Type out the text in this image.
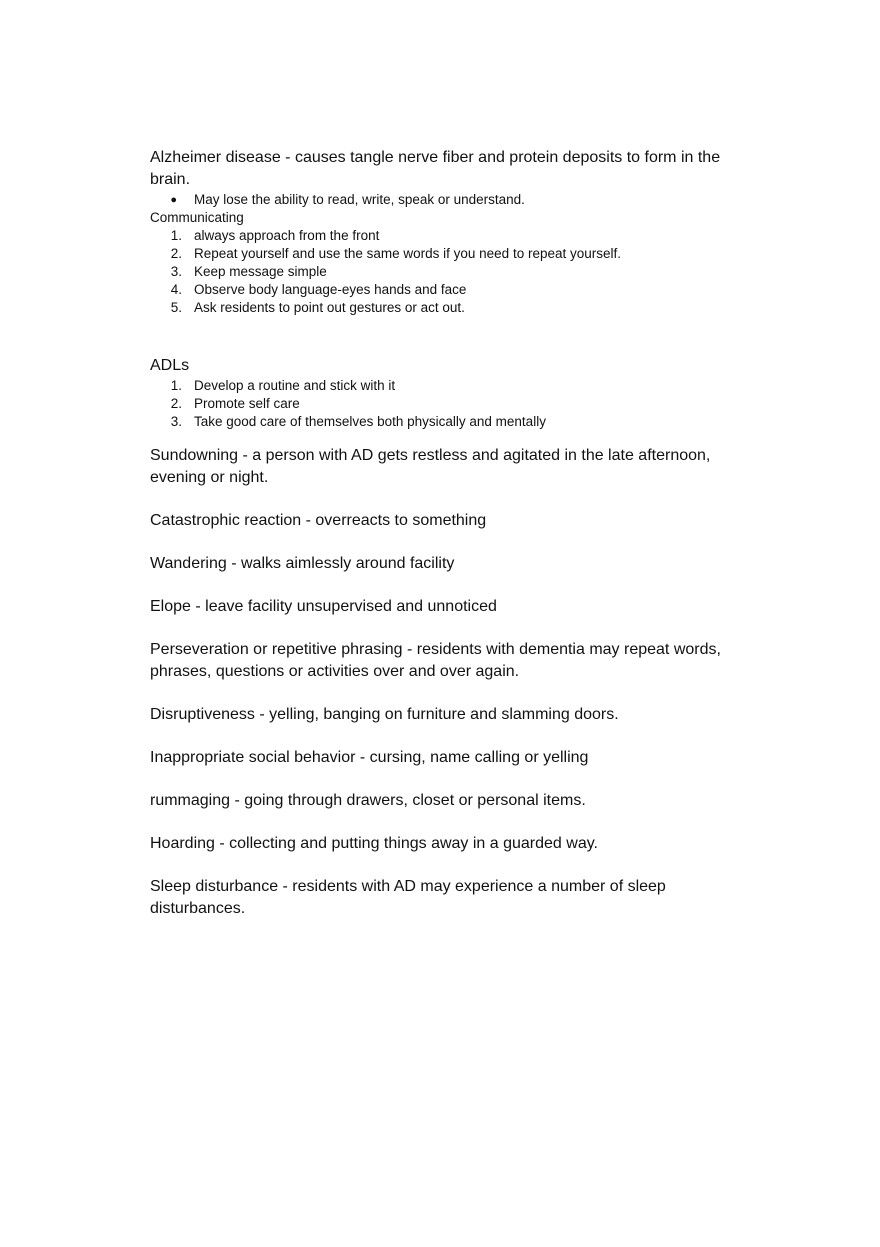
Alzheimer disease - causes tangle nerve fiber and protein deposits to form in the brain.

● May lose the ability to read, write, speak or understand.

Communicating

1. always approach from the front
2. Repeat yourself and use the same words if you need to repeat yourself.
3. Keep message simple
4. Observe body language-eyes hands and face
5. Ask residents to point out gestures or act out.

ADLs

1. Develop a routine and stick with it
2. Promote self care
3. Take good care of themselves both physically and mentally

Sundowning - a person with AD gets restless and agitated in the late afternoon, evening or night.

Catastrophic reaction - overreacts to something

Wandering - walks aimlessly around facility

Elope - leave facility unsupervised and unnoticed

Perseveration or repetitive phrasing - residents with dementia may repeat words, phrases, questions or activities over and over again.

Disruptiveness - yelling, banging on furniture and slamming doors.

Inappropriate social behavior - cursing, name calling or yelling

rummaging - going through drawers, closet or personal items.

Hoarding - collecting and putting things away in a guarded way.

Sleep disturbance - residents with AD may experience a number of sleep disturbances.
